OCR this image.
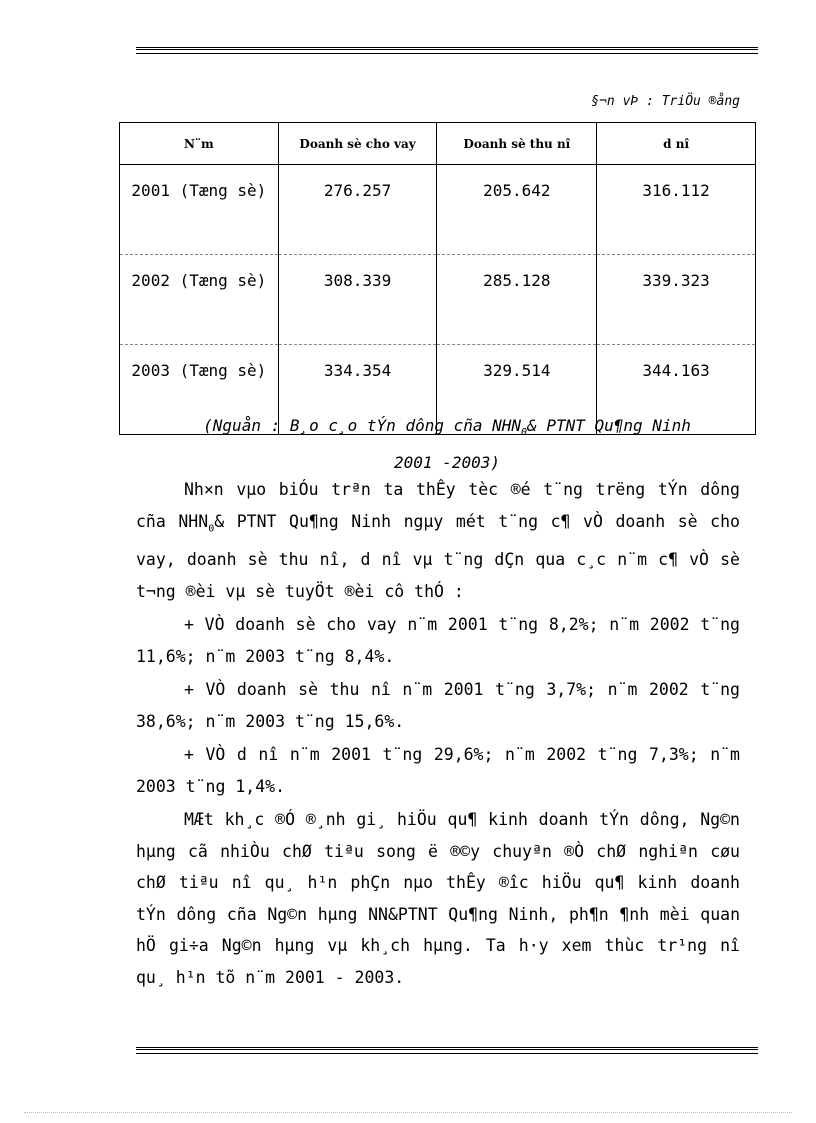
§¬n vÞ : TriÖu ®ång
N¨m	Doanh sè cho vay	Doanh sè thu nî	d nî
2001 (Tæng sè)	276.257	205.642	316.112
2002 (Tæng sè)	308.339	285.128	339.323
2003 (Tæng sè)	334.354	329.514	344.163
(Nguån : B¸o c¸o tÝn dông cña $NHN_0\&$ PTNT Qu¶ng Ninh
2001 -2003)

Nh×n vµo biÓu trªn ta thÊy tèc ®é t¨ng trëng tÝn dông cña $NHN_0\&$ PTNT Qu¶ng Ninh ngµy mét t¨ng c¶ vÒ doanh sè cho vay, doanh sè thu nî, d nî vµ t¨ng dÇn qua c¸c n¨m c¶ vÒ sè t¬ng ®èi vµ sè tuyÖt ®èi cô thÓ :

+ VÒ doanh sè cho vay n¨m 2001 t¨ng 8,2%; n¨m 2002 t¨ng 11,6%; n¨m 2003 t¨ng 8,4%.

+ VÒ doanh sè thu nî n¨m 2001 t¨ng 3,7%; n¨m 2002 t¨ng 38,6%; n¨m 2003 t¨ng 15,6%.

+ VÒ d nî n¨m 2001 t¨ng 29,6%; n¨m 2002 t¨ng 7,3%; n¨m 2003 t¨ng 1,4%.

MÆt kh¸c ®Ó ®¸nh gi¸ hiÖu qu¶ kinh doanh tÝn dông, Ng©n hµng cã nhiÒu chØ tiªu song ë ®©y chuyªn ®Ò chØ nghiªn cøu chØ tiªu nî qu¸ h¹n phÇn nµo thÊy ®îc hiÖu qu¶ kinh doanh tÝn dông cña Ng©n hµng NN&PTNT Qu¶ng Ninh, ph¶n ¶nh mèi quan hÖ gi÷a Ng©n hµng vµ kh¸ch hµng. Ta h·y xem thùc tr¹ng nî qu¸ h¹n tõ n¨m 2001 - 2003.
